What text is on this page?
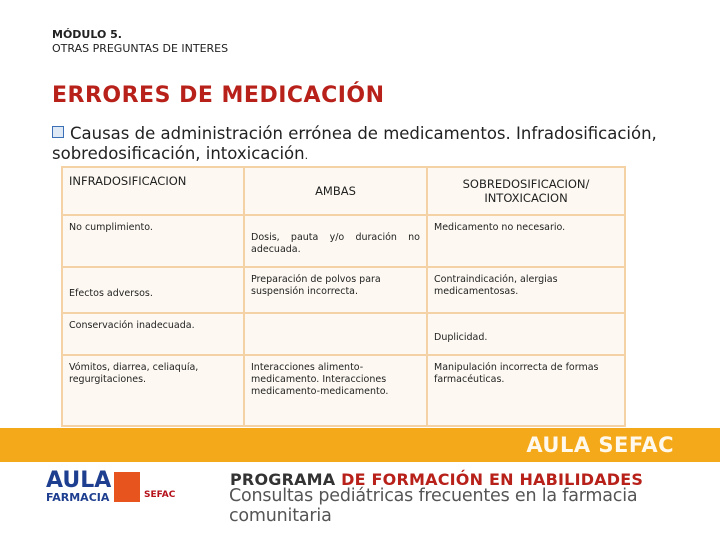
MÓDULO 5.
OTRAS PREGUNTAS DE INTERES
ERRORES DE MEDICACIÓN
Causas de administración errónea de medicamentos. Infradosificación, sobredosificación, intoxicación.
INFRADOSIFICACION	AMBAS	SOBREDOSIFICACION/ INTOXICACION
No cumplimiento.	Dosis, pauta y/o duración no adecuada.	Medicamento no necesario.

Efectos adversos.	Preparación de polvos para suspensión incorrecta.	Contraindicación, alergias medicamentosas.
Conservación inadecuada.		Duplicidad.

Vómitos, diarrea, celiaquía, regurgitaciones.	Interacciones alimento-medicamento. Interacciones medicamento-medicamento.	Manipulación incorrecta de formas farmacéuticas.
AULA SEFAC
AULA
FARMACIA	SEFAC
PROGRAMA DE FORMACIÓN EN HABILIDADES
Consultas pediátricas frecuentes en la farmacia comunitaria
